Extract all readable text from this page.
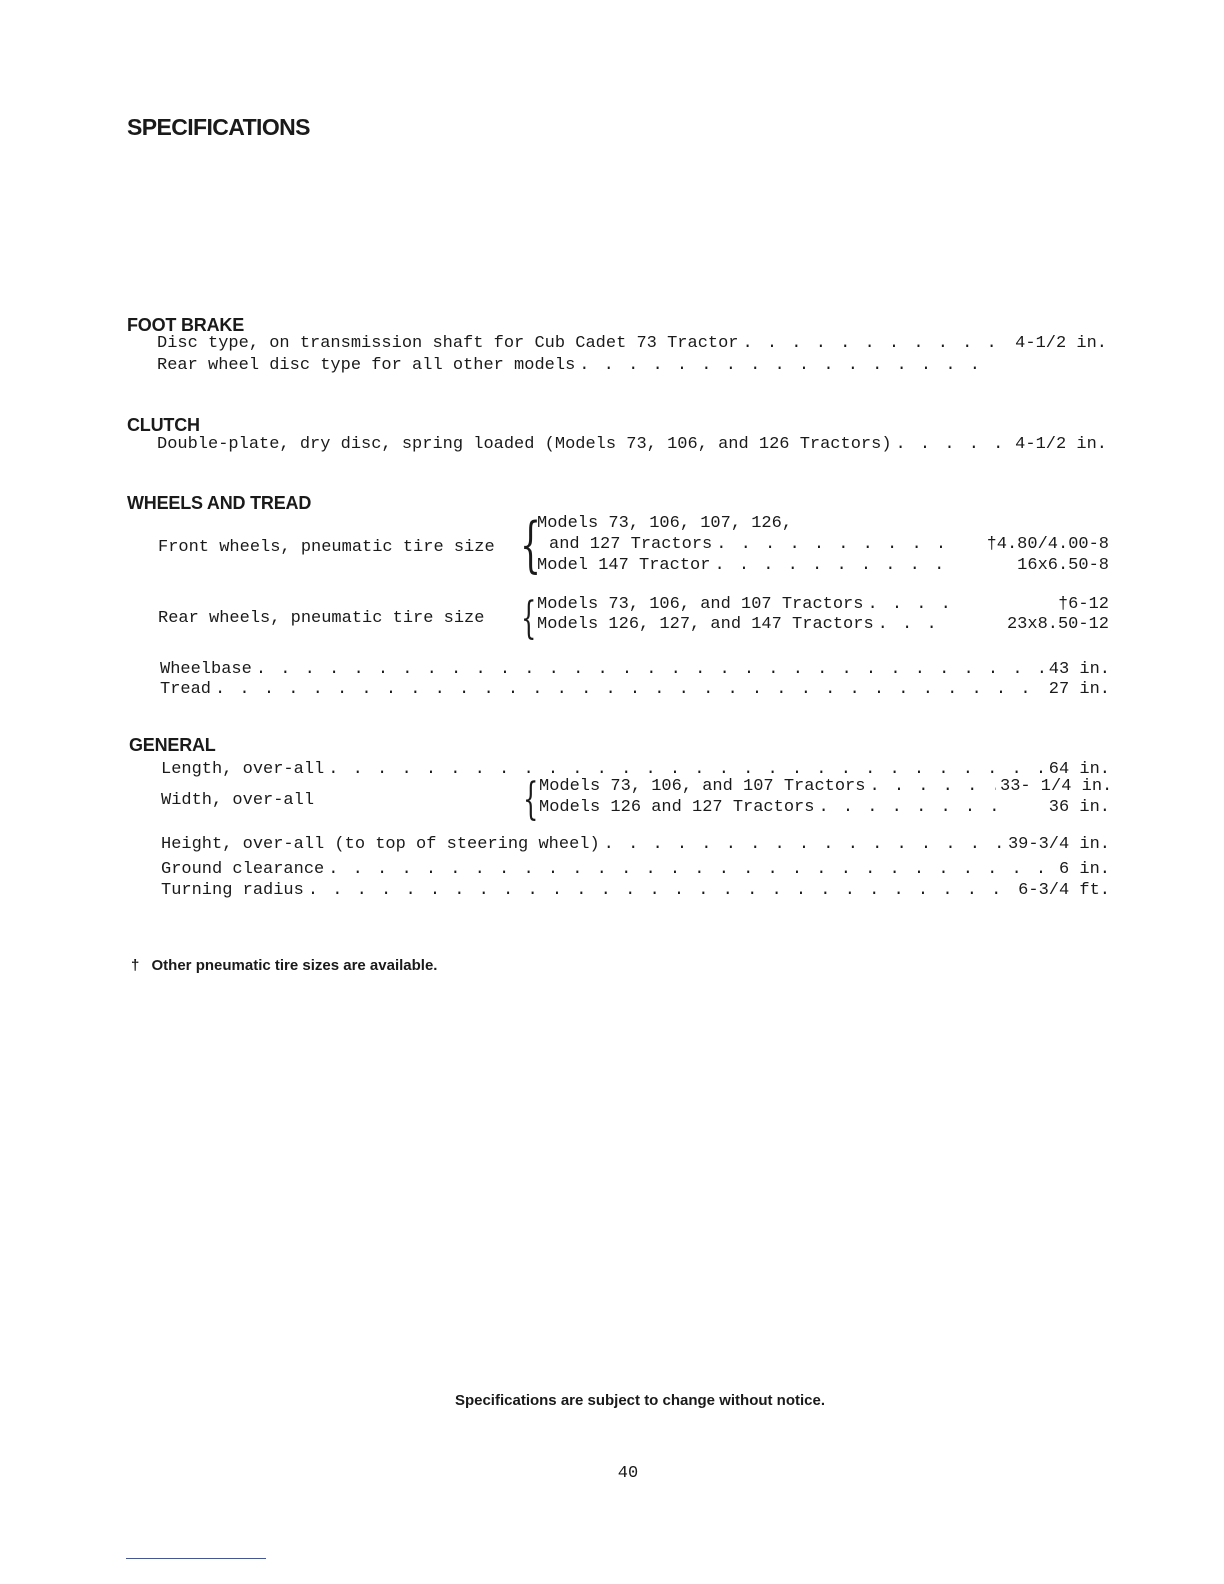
SPECIFICATIONS
FOOT BRAKE
Disc type, on transmission shaft for Cub Cadet 73 Tractor . . .	4-1/2 in.
Rear wheel disc type for all other models
. . .
CLUTCH
Double-plate, dry disc, spring loaded (Models 73, 106, and 126 Tractors) . . .	4-1/2 in.
WHEELS AND TREAD
Front wheels, pneumatic tire size {
Models 73, 106, 107, 126,
and 127 Tractors . . .	†4.80/4.00-8
Model 147 Tractor . . .	16x6.50-8
Rear wheels, pneumatic tire size { Models 73, 106, and 107 Tractors . . .	†6-12
Models 126, 127, and 147 Tractors . . .	23x8.50-12
Wheelbase . . .	43 in.
Tread . . .	27 in.
GENERAL
Length, over-all . . .	64 in.
Width, over-all	{ Models 73, 106, and 107 Tractors . . .	33- 1/4 in.
Models 126 and 127 Tractors . . .	36 in.
Height, over-all (to top of steering wheel) . . .	39-3/4 in.
Ground clearance . . .	6 in.
Turning radius . . .	6-3/4 ft.
† Other pneumatic tire sizes are available.
Specifications are subject to change without notice.
40
